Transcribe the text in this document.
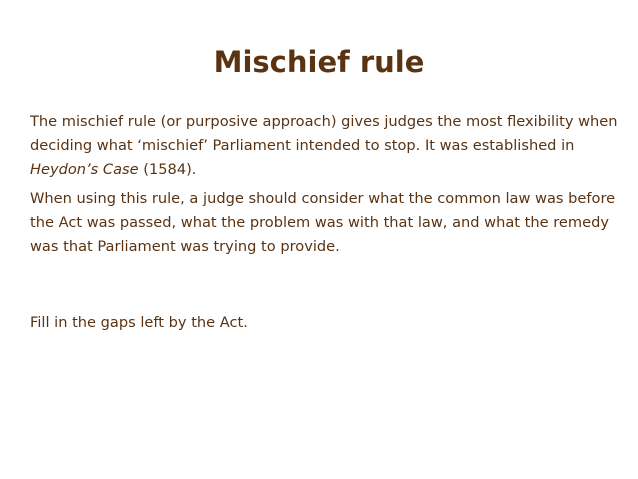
Mischief rule

The mischief rule (or purposive approach) gives judges the most flexibility when deciding what ‘mischief’ Parliament intended to stop. It was established in Heydon’s Case (1584).

When using this rule, a judge should consider what the common law was before the Act was passed, what the problem was with that law, and what the remedy was that Parliament was trying to provide.

Fill in the gaps left by the Act.
